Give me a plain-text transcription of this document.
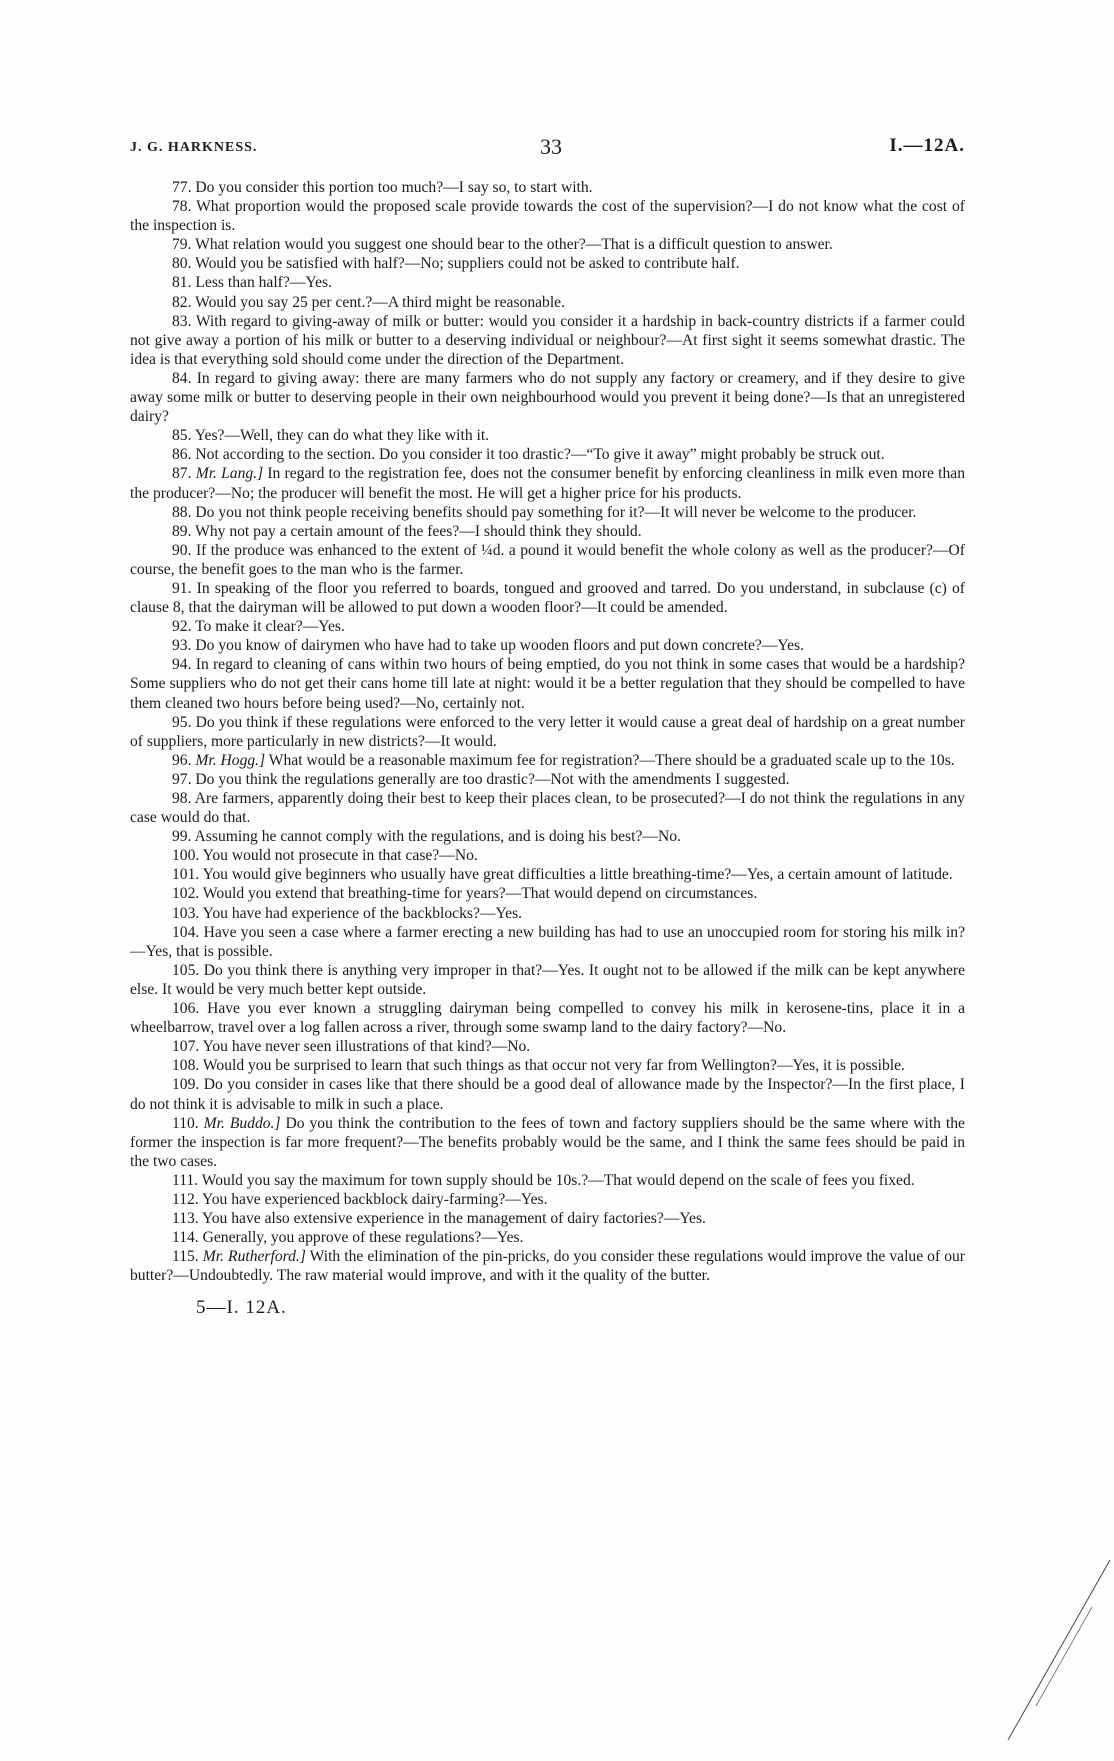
J. G. HARKNESS.	33	I.—12A.

77. Do you consider this portion too much?—I say so, to start with.

78. What proportion would the proposed scale provide towards the cost of the supervision?—I do not know what the cost of the inspection is.

79. What relation would you suggest one should bear to the other?—That is a difficult question to answer.

80. Would you be satisfied with half?—No; suppliers could not be asked to contribute half.

81. Less than half?—Yes.

82. Would you say 25 per cent.?—A third might be reasonable.

83. With regard to giving-away of milk or butter: would you consider it a hardship in back-country districts if a farmer could not give away a portion of his milk or butter to a deserving individual or neighbour?—At first sight it seems somewhat drastic. The idea is that everything sold should come under the direction of the Department.

84. In regard to giving away: there are many farmers who do not supply any factory or creamery, and if they desire to give away some milk or butter to deserving people in their own neighbourhood would you prevent it being done?—Is that an unregistered dairy?

85. Yes?—Well, they can do what they like with it.

86. Not according to the section. Do you consider it too drastic?—“To give it away” might probably be struck out.

87. Mr. Lang.] In regard to the registration fee, does not the consumer benefit by enforcing cleanliness in milk even more than the producer?—No; the producer will benefit the most. He will get a higher price for his products.

88. Do you not think people receiving benefits should pay something for it?—It will never be welcome to the producer.

89. Why not pay a certain amount of the fees?—I should think they should.

90. If the produce was enhanced to the extent of ¼d. a pound it would benefit the whole colony as well as the producer?—Of course, the benefit goes to the man who is the farmer.

91. In speaking of the floor you referred to boards, tongued and grooved and tarred. Do you understand, in subclause (c) of clause 8, that the dairyman will be allowed to put down a wooden floor?—It could be amended.

92. To make it clear?—Yes.

93. Do you know of dairymen who have had to take up wooden floors and put down concrete?—Yes.

94. In regard to cleaning of cans within two hours of being emptied, do you not think in some cases that would be a hardship? Some suppliers who do not get their cans home till late at night: would it be a better regulation that they should be compelled to have them cleaned two hours before being used?—No, certainly not.

95. Do you think if these regulations were enforced to the very letter it would cause a great deal of hardship on a great number of suppliers, more particularly in new districts?—It would.

96. Mr. Hogg.] What would be a reasonable maximum fee for registration?—There should be a graduated scale up to the 10s.

97. Do you think the regulations generally are too drastic?—Not with the amendments I suggested.

98. Are farmers, apparently doing their best to keep their places clean, to be prosecuted?—I do not think the regulations in any case would do that.

99. Assuming he cannot comply with the regulations, and is doing his best?—No.

100. You would not prosecute in that case?—No.

101. You would give beginners who usually have great difficulties a little breathing-time?—Yes, a certain amount of latitude.

102. Would you extend that breathing-time for years?—That would depend on circumstances.

103. You have had experience of the backblocks?—Yes.

104. Have you seen a case where a farmer erecting a new building has had to use an unoccupied room for storing his milk in?—Yes, that is possible.

105. Do you think there is anything very improper in that?—Yes. It ought not to be allowed if the milk can be kept anywhere else. It would be very much better kept outside.

106. Have you ever known a struggling dairyman being compelled to convey his milk in kerosene-tins, place it in a wheelbarrow, travel over a log fallen across a river, through some swamp land to the dairy factory?—No.

107. You have never seen illustrations of that kind?—No.

108. Would you be surprised to learn that such things as that occur not very far from Wellington?—Yes, it is possible.

109. Do you consider in cases like that there should be a good deal of allowance made by the Inspector?—In the first place, I do not think it is advisable to milk in such a place.

110. Mr. Buddo.] Do you think the contribution to the fees of town and factory suppliers should be the same where with the former the inspection is far more frequent?—The benefits probably would be the same, and I think the same fees should be paid in the two cases.

111. Would you say the maximum for town supply should be 10s.?—That would depend on the scale of fees you fixed.

112. You have experienced backblock dairy-farming?—Yes.

113. You have also extensive experience in the management of dairy factories?—Yes.

114. Generally, you approve of these regulations?—Yes.

115. Mr. Rutherford.] With the elimination of the pin-pricks, do you consider these regulations would improve the value of our butter?—Undoubtedly. The raw material would improve, and with it the quality of the butter.

5—I. 12A.
